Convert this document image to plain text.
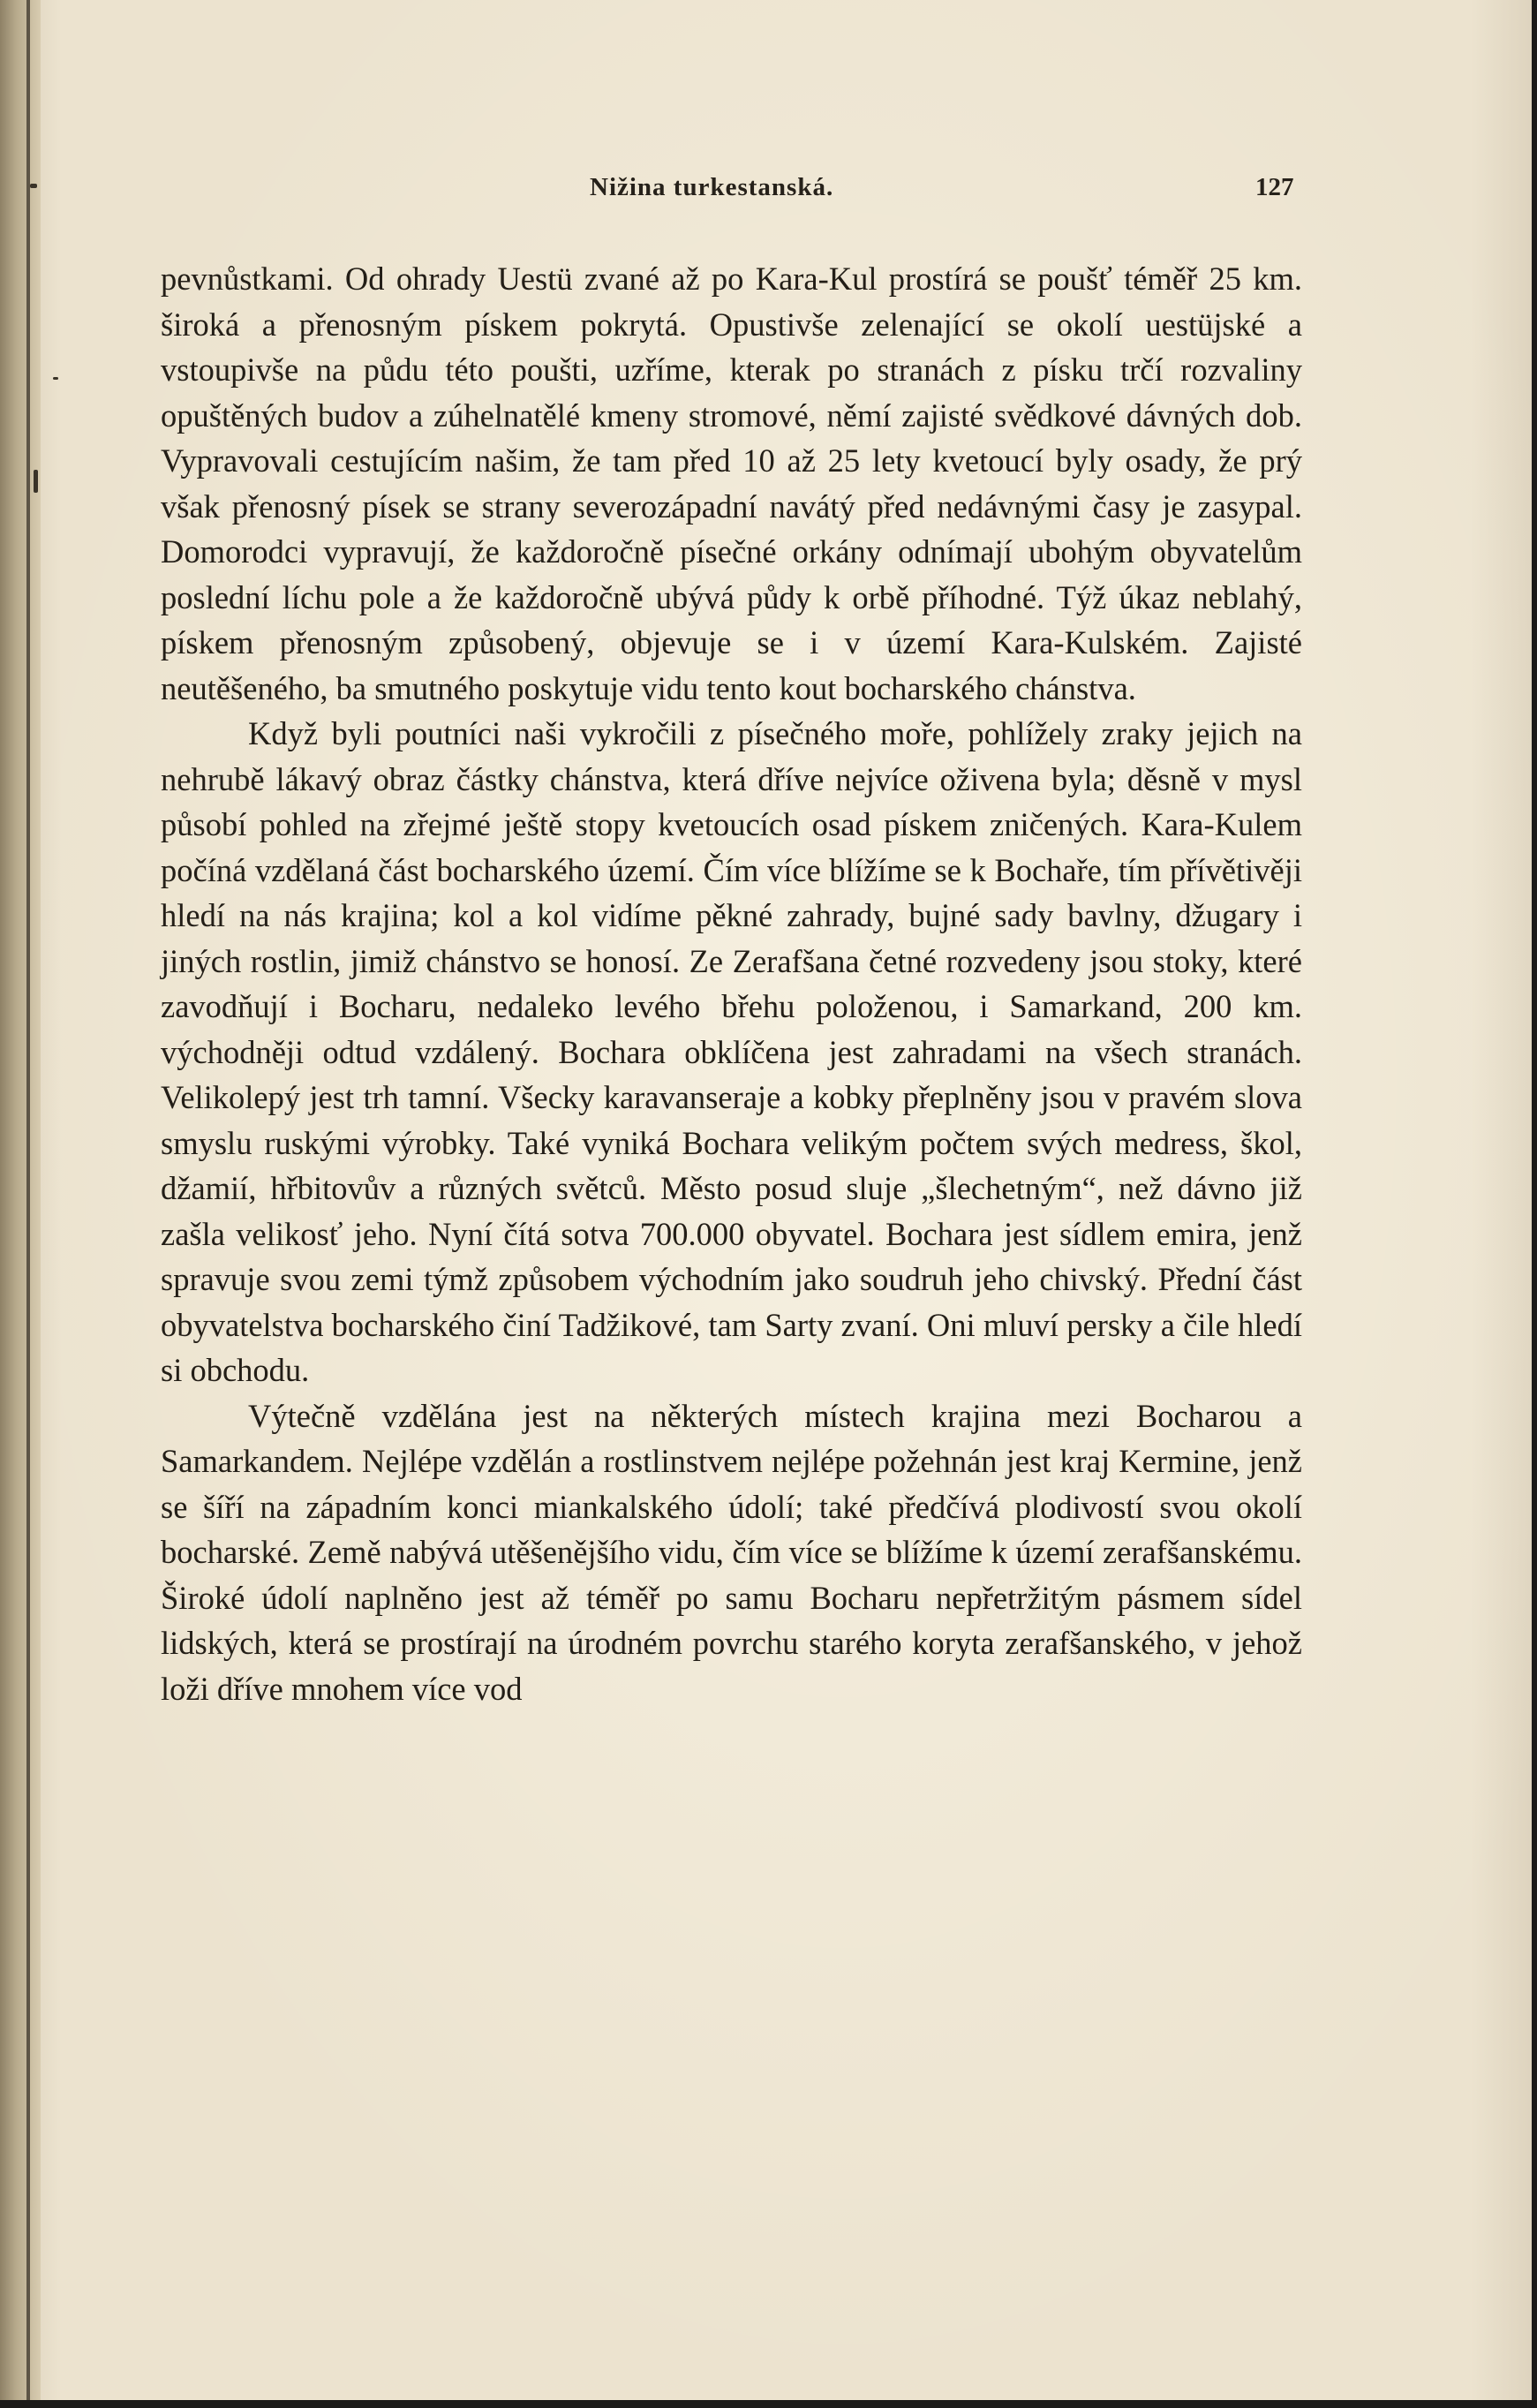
Nižina turkestanská.	127

pevnůstkami. Od ohrady Uestü zvané až po Kara-Kul prostírá se poušť téměř 25 km. široká a přenosným pískem pokrytá. Opustivše zelenající se okolí uestüjské a vstoupivše na půdu této poušti, uzříme, kterak po stranách z písku trčí rozvaliny opuštěných budov a zúhelnatělé kmeny stromové, němí zajisté svědkové dávných dob. Vypravovali cestujícím našim, že tam před 10 až 25 lety kvetoucí byly osady, že prý však přenosný písek se strany severozápadní navátý před nedávnými časy je zasypal. Domorodci vypravují, že každoročně písečné orkány odnímají ubohým obyvatelům poslední líchu pole a že každoročně ubývá půdy k orbě příhodné. Týž úkaz neblahý, pískem přenosným způsobený, objevuje se i v území Kara-Kulském. Zajisté neutěšeného, ba smutného poskytuje vidu tento kout bocharského chánstva.

Když byli poutníci naši vykročili z písečného moře, pohlížely zraky jejich na nehrubě lákavý obraz částky chánstva, která dříve nejvíce oživena byla; děsně v mysl působí pohled na zřejmé ještě stopy kvetoucích osad pískem zničených. Kara-Kulem počíná vzdělaná část bocharského území. Čím více blížíme se k Bochaře, tím přívětivěji hledí na nás krajina; kol a kol vidíme pěkné zahrady, bujné sady bavlny, džugary i jiných rostlin, jimiž chánstvo se honosí. Ze Zerafšana četné rozvedeny jsou stoky, které zavodňují i Bocharu, nedaleko levého břehu položenou, i Samarkand, 200 km. východněji odtud vzdálený. Bochara obklíčena jest zahradami na všech stranách. Velikolepý jest trh tamní. Všecky karavanseraje a kobky přeplněny jsou v pravém slova smyslu ruskými výrobky. Také vyniká Bochara velikým počtem svých medress, škol, džamií, hřbitovův a různých světců. Město posud sluje „šlechetným“, než dávno již zašla velikosť jeho. Nyní čítá sotva 700.000 obyvatel. Bochara jest sídlem emira, jenž spravuje svou zemi týmž způsobem východním jako soudruh jeho chivský. Přední část obyvatelstva bocharského činí Tadžikové, tam Sarty zvaní. Oni mluví persky a čile hledí si obchodu.

Výtečně vzdělána jest na některých místech krajina mezi Bocharou a Samarkandem. Nejlépe vzdělán a rostlinstvem nejlépe požehnán jest kraj Kermine, jenž se šíří na západním konci miankalského údolí; také předčívá plodivostí svou okolí bocharské. Země nabývá utěšenějšího vidu, čím více se blížíme k území zerafšanskému. Široké údolí naplněno jest až téměř po samu Bocharu nepřetržitým pásmem sídel lidských, která se prostírají na úrodném povrchu starého koryta zerafšanského, v jehož loži dříve mnohem více vod
